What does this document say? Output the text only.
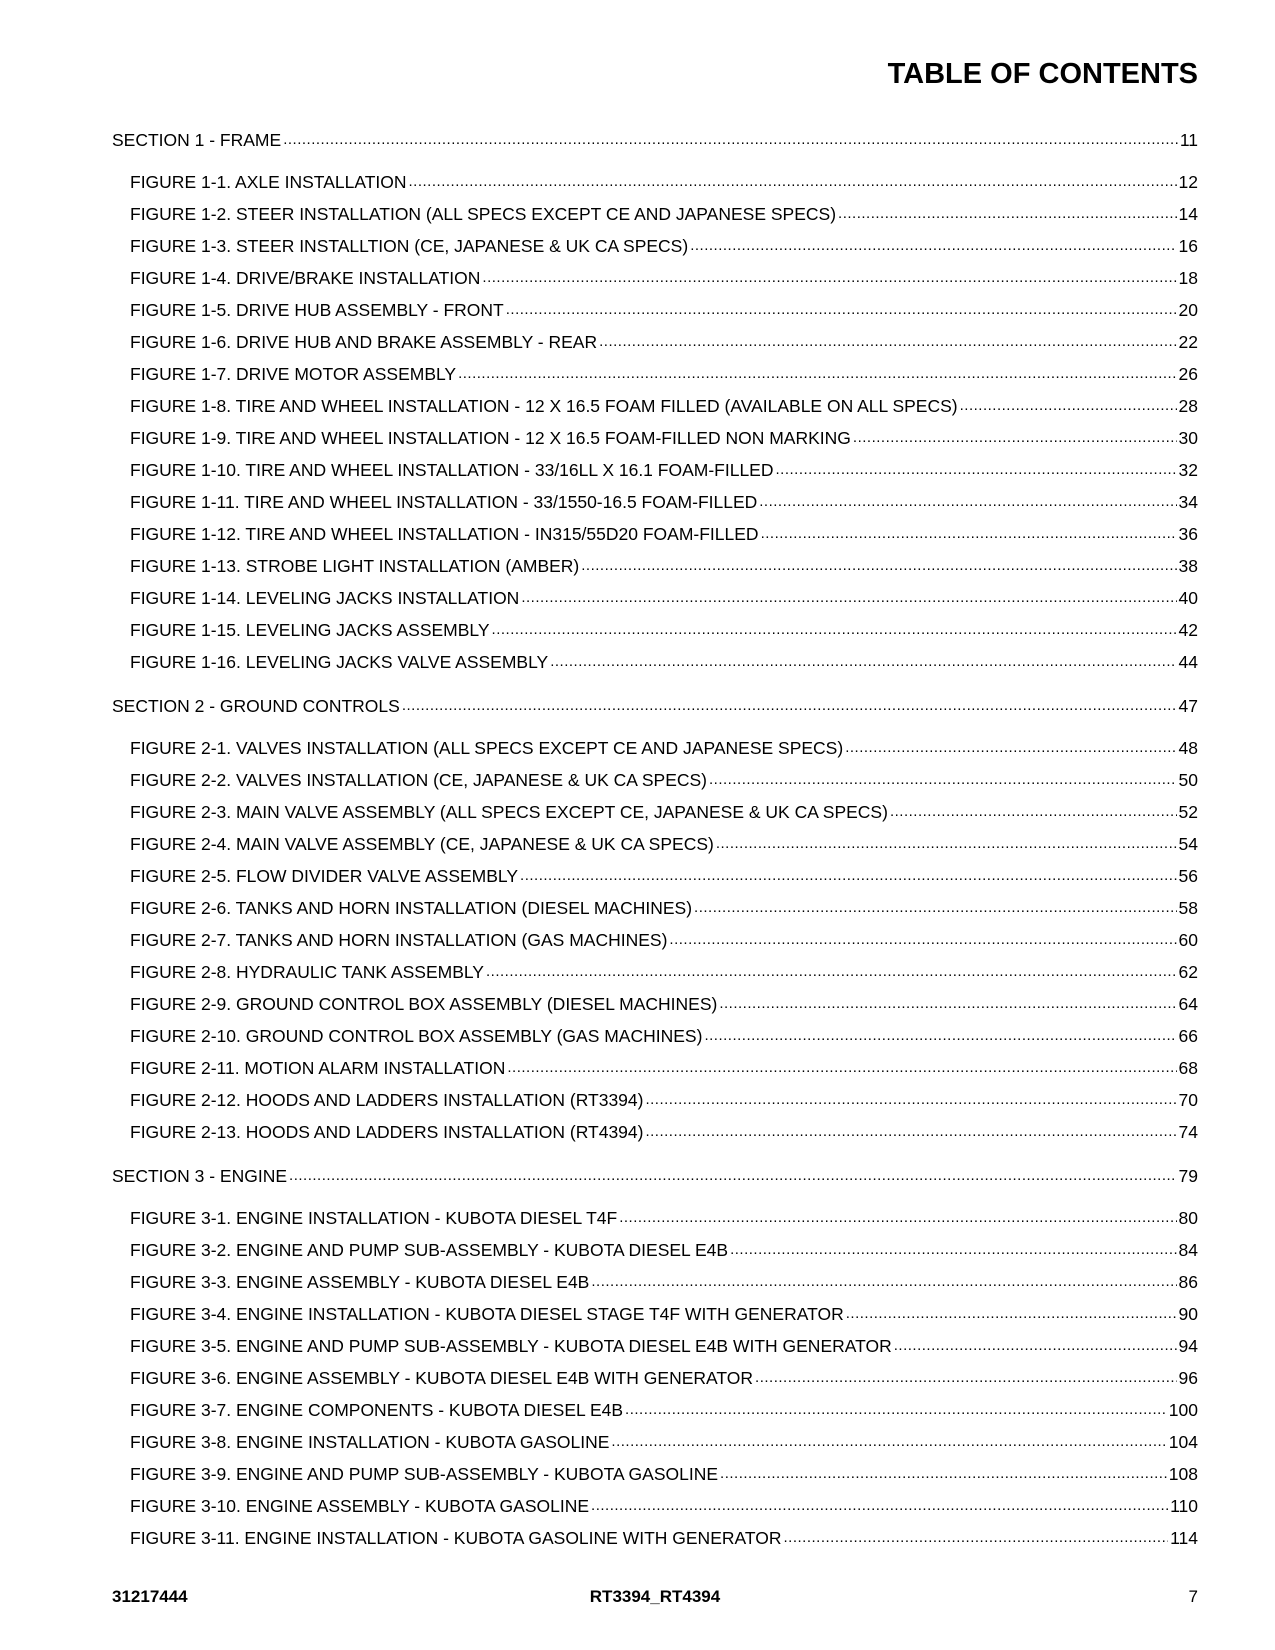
TABLE OF CONTENTS
SECTION 1 - FRAME .....	11
FIGURE 1-1. AXLE INSTALLATION .....	12
FIGURE 1-2. STEER INSTALLATION (ALL SPECS EXCEPT CE AND JAPANESE SPECS) .....	14
FIGURE 1-3. STEER INSTALLTION (CE, JAPANESE & UK CA SPECS) .....	16
FIGURE 1-4. DRIVE/BRAKE INSTALLATION .....	18
FIGURE 1-5. DRIVE HUB ASSEMBLY - FRONT .....	20
FIGURE 1-6. DRIVE HUB AND BRAKE ASSEMBLY - REAR .....	22
FIGURE 1-7. DRIVE MOTOR ASSEMBLY .....	26
FIGURE 1-8. TIRE AND WHEEL INSTALLATION - 12 X 16.5 FOAM FILLED (AVAILABLE ON ALL SPECS) .....	28
FIGURE 1-9. TIRE AND WHEEL INSTALLATION - 12 X 16.5 FOAM-FILLED NON MARKING .....	30
FIGURE 1-10. TIRE AND WHEEL INSTALLATION - 33/16LL X 16.1 FOAM-FILLED .....	32
FIGURE 1-11. TIRE AND WHEEL INSTALLATION - 33/1550-16.5 FOAM-FILLED .....	34
FIGURE 1-12. TIRE AND WHEEL INSTALLATION - IN315/55D20 FOAM-FILLED .....	36
FIGURE 1-13. STROBE LIGHT INSTALLATION (AMBER) .....	38
FIGURE 1-14. LEVELING JACKS INSTALLATION .....	40
FIGURE 1-15. LEVELING JACKS ASSEMBLY .....	42
FIGURE 1-16. LEVELING JACKS VALVE ASSEMBLY .....	44
SECTION 2 - GROUND CONTROLS .....	47
FIGURE 2-1. VALVES INSTALLATION (ALL SPECS EXCEPT CE AND JAPANESE SPECS) .....	48
FIGURE 2-2. VALVES INSTALLATION (CE, JAPANESE & UK CA SPECS) .....	50
FIGURE 2-3. MAIN VALVE ASSEMBLY (ALL SPECS EXCEPT CE, JAPANESE & UK CA SPECS) .....	52
FIGURE 2-4. MAIN VALVE ASSEMBLY (CE, JAPANESE & UK CA SPECS) .....	54
FIGURE 2-5. FLOW DIVIDER VALVE ASSEMBLY .....	56
FIGURE 2-6. TANKS AND HORN INSTALLATION (DIESEL MACHINES) .....	58
FIGURE 2-7. TANKS AND HORN INSTALLATION (GAS MACHINES) .....	60
FIGURE 2-8. HYDRAULIC TANK ASSEMBLY .....	62
FIGURE 2-9. GROUND CONTROL BOX ASSEMBLY (DIESEL MACHINES) .....	64
FIGURE 2-10. GROUND CONTROL BOX ASSEMBLY (GAS MACHINES) .....	66
FIGURE 2-11. MOTION ALARM INSTALLATION .....	68
FIGURE 2-12. HOODS AND LADDERS INSTALLATION (RT3394) .....	70
FIGURE 2-13. HOODS AND LADDERS INSTALLATION (RT4394) .....	74
SECTION 3 - ENGINE .....	79
FIGURE 3-1. ENGINE INSTALLATION - KUBOTA DIESEL T4F .....	80
FIGURE 3-2. ENGINE AND PUMP SUB-ASSEMBLY - KUBOTA DIESEL E4B .....	84
FIGURE 3-3. ENGINE ASSEMBLY - KUBOTA DIESEL E4B .....	86
FIGURE 3-4. ENGINE INSTALLATION - KUBOTA DIESEL STAGE T4F WITH GENERATOR .....	90
FIGURE 3-5. ENGINE AND PUMP SUB-ASSEMBLY - KUBOTA DIESEL E4B WITH GENERATOR .....	94
FIGURE 3-6. ENGINE ASSEMBLY - KUBOTA DIESEL E4B WITH GENERATOR .....	96
FIGURE 3-7. ENGINE COMPONENTS - KUBOTA DIESEL E4B .....	100
FIGURE 3-8. ENGINE INSTALLATION - KUBOTA GASOLINE .....	104
FIGURE 3-9. ENGINE AND PUMP SUB-ASSEMBLY - KUBOTA GASOLINE .....	108
FIGURE 3-10. ENGINE ASSEMBLY - KUBOTA GASOLINE .....	110
FIGURE 3-11. ENGINE INSTALLATION - KUBOTA GASOLINE WITH GENERATOR .....	114
31217444	RT3394_RT4394	7
